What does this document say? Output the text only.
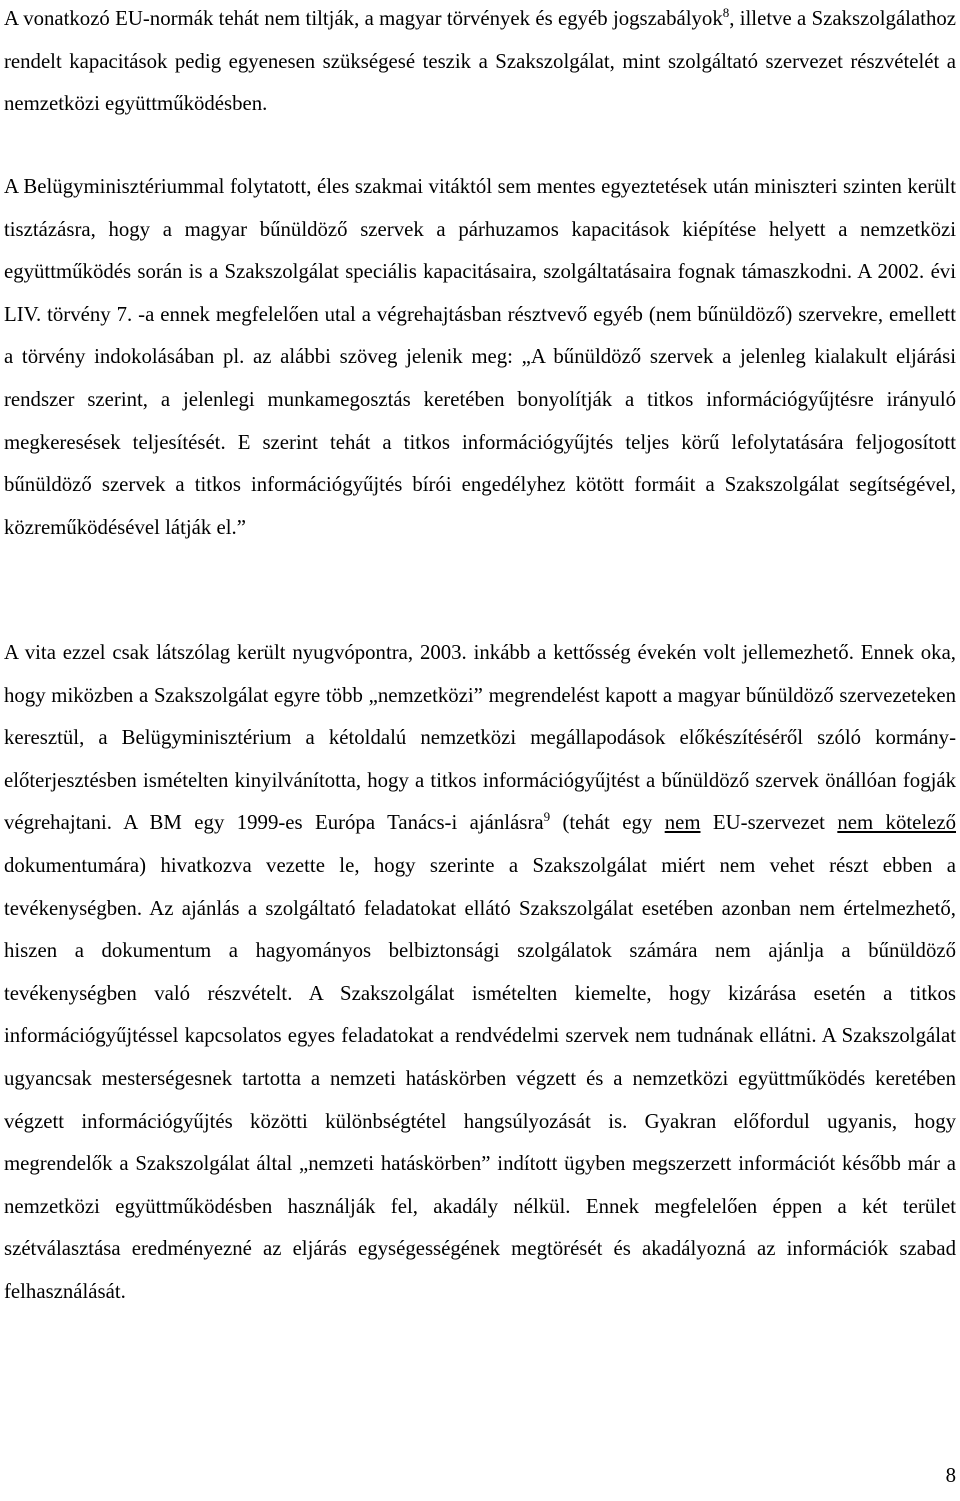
A vonatkozó EU-normák tehát nem tiltják, a magyar törvények és egyéb jogszabályok$^8$, illetve a Szakszolgálathoz rendelt kapacitások pedig egyenesen szükségesé teszik a Szakszolgálat, mint szolgáltató szervezet részvételét a nemzetközi együttműködésben.

A Belügyminisztériummal folytatott, éles szakmai vitáktól sem mentes egyeztetések után miniszteri szinten került tisztázásra, hogy a magyar bűnüldöző szervek a párhuzamos kapacitások kiépítése helyett a nemzetközi együttműködés során is a Szakszolgálat speciális kapacitásaira, szolgáltatásaira fognak támaszkodni. A 2002. évi LIV. törvény 7. -a ennek megfelelően utal a végrehajtásban résztvevő egyéb (nem bűnüldöző) szervekre, emellett a törvény indokolásában pl. az alábbi szöveg jelenik meg: „A bűnüldöző szervek a jelenleg kialakult eljárási rendszer szerint, a jelenlegi munkamegosztás keretében bonyolítják a titkos információgyűjtésre irányuló megkeresések teljesítését. E szerint tehát a titkos információgyűjtés teljes körű lefolytatására feljogosított bűnüldöző szervek a titkos információgyűjtés bírói engedélyhez kötött formáit a Szakszolgálat segítségével, közreműködésével látják el.”

A vita ezzel csak látszólag került nyugvópontra, 2003. inkább a kettősség évekén volt jellemezhető. Ennek oka, hogy miközben a Szakszolgálat egyre több „nemzetközi” megrendelést kapott a magyar bűnüldöző szervezeteken keresztül, a Belügyminisztérium a kétoldalú nemzetközi megállapodások előkészítéséről szóló kormány-előterjesztésben ismételten kinyilvánította, hogy a titkos információgyűjtést a bűnüldöző szervek önállóan fogják végrehajtani. A BM egy 1999-es Európa Tanács-i ajánlásra$^9$ (tehát egy nem EU-szervezet nem kötelező dokumentumára) hivatkozva vezette le, hogy szerinte a Szakszolgálat miért nem vehet részt ebben a tevékenységben. Az ajánlás a szolgáltató feladatokat ellátó Szakszolgálat esetében azonban nem értelmezhető, hiszen a dokumentum a hagyományos belbiztonsági szolgálatok számára nem ajánlja a bűnüldöző tevékenységben való részvételt. A Szakszolgálat ismételten kiemelte, hogy kizárása esetén a titkos információgyűjtéssel kapcsolatos egyes feladatokat a rendvédelmi szervek nem tudnának ellátni. A Szakszolgálat ugyancsak mesterségesnek tartotta a nemzeti hatáskörben végzett és a nemzetközi együttműködés keretében végzett információgyűjtés közötti különbségtétel hangsúlyozását is. Gyakran előfordul ugyanis, hogy megrendelők a Szakszolgálat által „nemzeti hatáskörben” indított ügyben megszerzett információt később már a nemzetközi együttműködésben használják fel, akadály nélkül. Ennek megfelelően éppen a két terület szétválasztása eredményezné az eljárás egységességének megtörését és akadályozná az információk szabad felhasználását.

8
